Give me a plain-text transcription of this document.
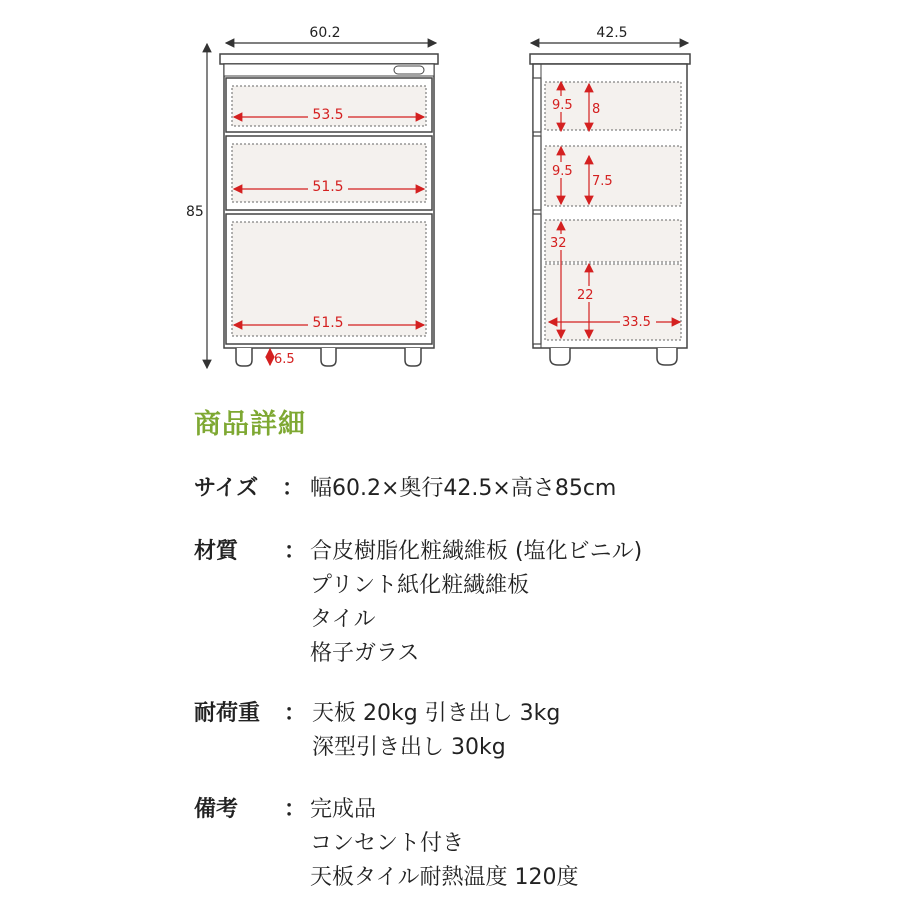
60.2
85
53.5
51.5
51.5
6.5
42.5
9.5 8
9.5
7.5
32
22
33.5
商品詳細
サイズ	： 幅60.2×奥行42.5×高さ85cm
材質	： 合皮樹脂化粧繊維板 (塩化ビニル)
プリント紙化粧繊維板
タイル
格子ガラス
耐荷重	： 天板 20kg 引き出し 3kg
深型引き出し 30kg
備考	： 完成品
コンセント付き
天板タイル耐熱温度 120度
